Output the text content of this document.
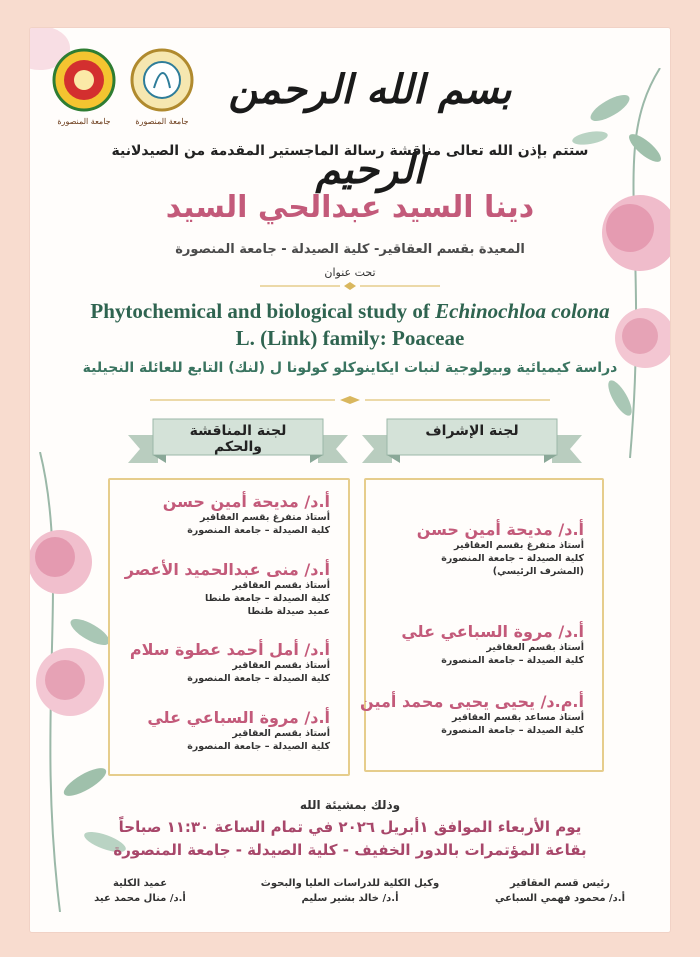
جامعة المنصورة	جامعة المنصورة
بسم الله الرحمن الرحيم
ستتم بإذن الله تعالى مناقشة رسالة الماجستير المقدمة من الصيدلانية
دينا السيد عبدالحي السيد
المعيدة بقسم العقاقير- كلية الصيدلة - جامعة المنصورة
تحت عنوان
Phytochemical and biological study of Echinochloa colona
L. (Link) family: Poaceae
دراسة كيميائية وبيولوجية لنبات ايكاينوكلو كولونا ل (لنك) التابع للعائلة النجيلية
لجنة المناقشة والحكم
لجنة الإشراف
أ.د/ مديحة أمين حسن
أستاذ متفرغ بقسم العقاقير
كلية الصيدلة – جامعة المنصورة
أ.د/ منى عبدالحميد الأعصر
أستاذ بقسم العقاقير
كلية الصيدلة – جامعة طنطا
عميد صيدلة طنطا
أ.د/ أمل أحمد عطوة سلام
أستاذ بقسم العقاقير
كلية الصيدلة – جامعة المنصورة
أ.د/ مروة السباعي علي
أستاذ بقسم العقاقير
كلية الصيدلة – جامعة المنصورة
أ.د/ مديحة أمين حسن
أستاذ متفرغ بقسم العقاقير
كلية الصيدلة – جامعة المنصورة
(المشرف الرئيسي)
أ.د/ مروة السباعي علي
أستاذ بقسم العقاقير
كلية الصيدلة – جامعة المنصورة
أ.م.د/ يحيى يحيى محمد أمين
أستاذ مساعد بقسم العقاقير
كلية الصيدلة – جامعة المنصورة
وذلك بمشيئة الله
يوم الأربعاء الموافق ١أبريل ٢٠٢٦ في تمام الساعة ١١:٣٠ صباحاً
بقاعة المؤتمرات بالدور الخفيف - كلية الصيدلة - جامعة المنصورة
رئيس قسم العقاقير
أ.د/ محمود فهمي السباعي
وكيل الكلية للدراسات العليا والبحوث
أ.د/ خالد بشير سليم
عميد الكلية
أ.د/ منال محمد عيد
